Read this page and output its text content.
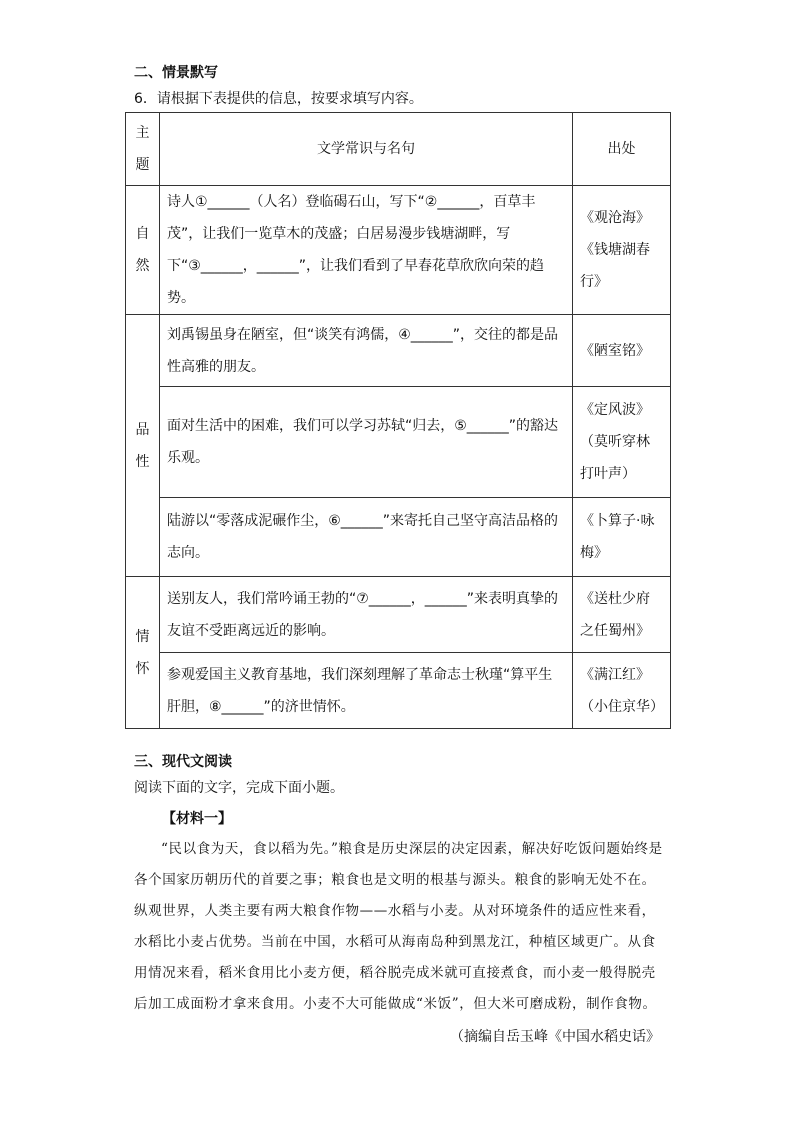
二、情景默写
6．请根据下表提供的信息，按要求填写内容。
主
题	文学常识与名句	出处

自
然	诗人①______（人名）登临碣石山，写下“②______，百草丰茂”，让我们一览草木的茂盛；白居易漫步钱塘湖畔，写下“③______，______”，让我们看到了早春花草欣欣向荣的趋势。	《观沧海》《钱塘湖春行》

品
性	刘禹锡虽身在陋室，但“谈笑有鸿儒，④______”，交往的都是品性高雅的朋友。	《陋室铭》
	面对生活中的困难，我们可以学习苏轼“归去，⑤______”的豁达乐观。	《定风波》（莫听穿林打叶声）
	陆游以“零落成泥碾作尘，⑥______”来寄托自己坚守高洁品格的志向。	《卜算子·咏梅》

情
怀	送别友人，我们常吟诵王勃的“⑦______，______”来表明真挚的友谊不受距离远近的影响。	《送杜少府之任蜀州》
	参观爱国主义教育基地，我们深刻理解了革命志士秋瑾“算平生肝胆，⑧______”的济世情怀。	《满江红》（小住京华）
三、现代文阅读
阅读下面的文字，完成下面小题。
【材料一】
“民以食为天，食以稻为先。”粮食是历史深层的决定因素，解决好吃饭问题始终是各个国家历朝历代的首要之事；粮食也是文明的根基与源头。粮食的影响无处不在。纵观世界，人类主要有两大粮食作物——水稻与小麦。从对环境条件的适应性来看，水稻比小麦占优势。当前在中国，水稻可从海南岛种到黑龙江，种植区域更广。从食用情况来看，稻米食用比小麦方便，稻谷脱壳成米就可直接煮食，而小麦一般得脱壳后加工成面粉才拿来食用。小麦不大可能做成“米饭”，但大米可磨成粉，制作食物。
（摘编自岳玉峰《中国水稻史话》
